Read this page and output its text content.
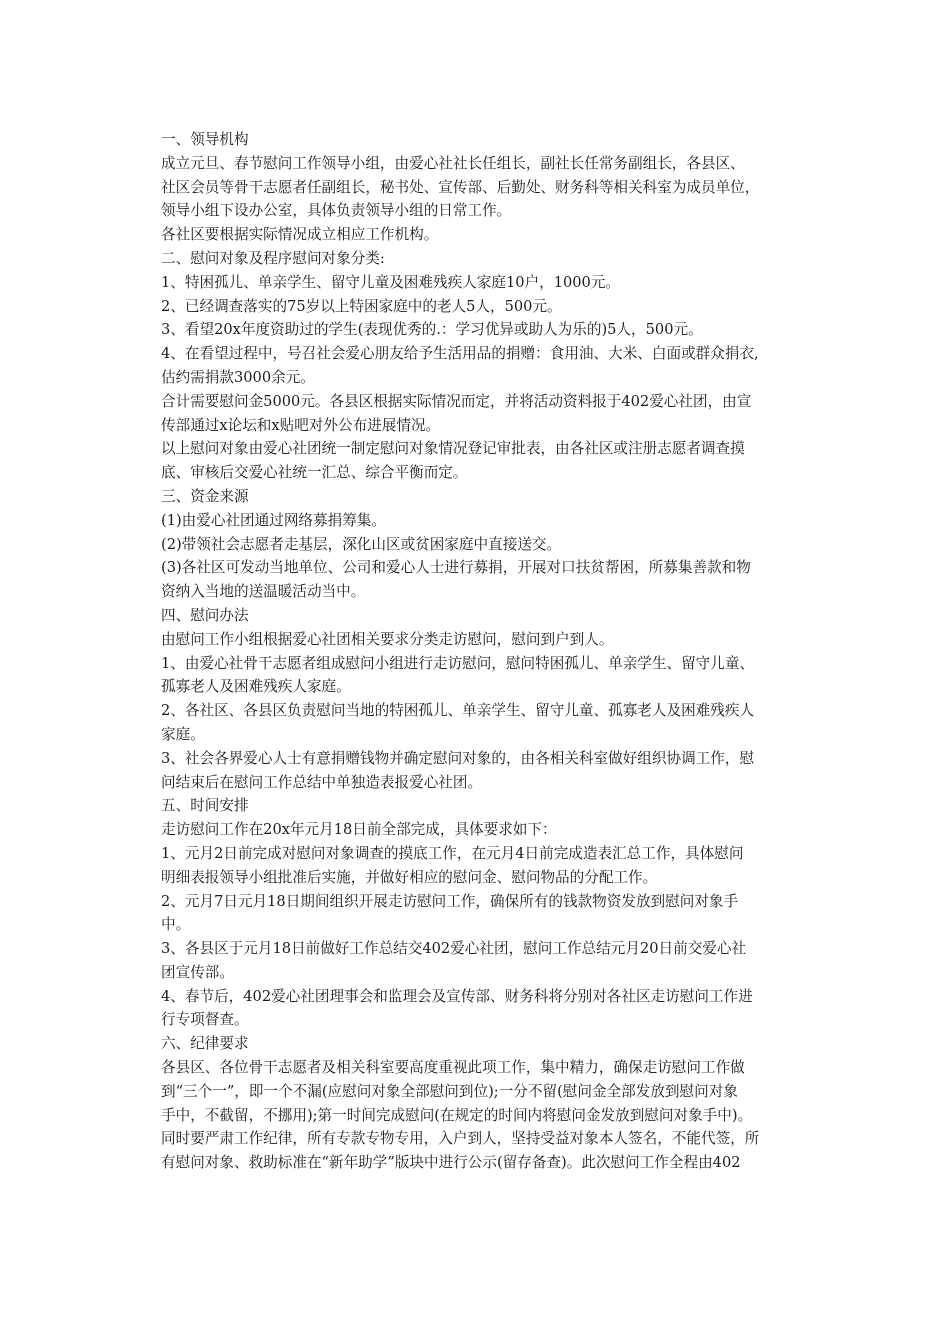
一、领导机构

成立元旦、春节慰问工作领导小组，由爱心社社长任组长，副社长任常务副组长，各县区、

社区会员等骨干志愿者任副组长，秘书处、宣传部、后勤处、财务科等相关科室为成员单位，

领导小组下设办公室，具体负责领导小组的日常工作。

各社区要根据实际情况成立相应工作机构。

二、慰问对象及程序慰问对象分类:

1、特困孤儿、单亲学生、留守儿童及困难残疾人家庭10户，1000元。

2、已经调查落实的75岁以上特困家庭中的老人5人，500元。

3、看望20x年度资助过的学生(表现优秀的.：学习优异或助人为乐的)5人，500元。

4、在看望过程中，号召社会爱心朋友给予生活用品的捐赠：食用油、大米、白面或群众捐衣,

估约需捐款3000余元。

合计需要慰问金5000元。各县区根据实际情况而定，并将活动资料报于402爱心社团，由宣

传部通过x论坛和x贴吧对外公布进展情况。

以上慰问对象由爱心社团统一制定慰问对象情况登记审批表，由各社区或注册志愿者调查摸

底、审核后交爱心社统一汇总、综合平衡而定。

三、资金来源

(1)由爱心社团通过网络募捐筹集。

(2)带领社会志愿者走基层，深化山区或贫困家庭中直接送交。

(3)各社区可发动当地单位、公司和爱心人士进行募捐，开展对口扶贫帮困，所募集善款和物

资纳入当地的送温暖活动当中。

四、慰问办法

由慰问工作小组根据爱心社团相关要求分类走访慰问，慰问到户到人。

1、由爱心社骨干志愿者组成慰问小组进行走访慰问，慰问特困孤儿、单亲学生、留守儿童、

孤寡老人及困难残疾人家庭。

2、各社区、各县区负责慰问当地的特困孤儿、单亲学生、留守儿童、孤寡老人及困难残疾人

家庭。

3、社会各界爱心人士有意捐赠钱物并确定慰问对象的，由各相关科室做好组织协调工作，慰

问结束后在慰问工作总结中单独造表报爱心社团。

五、时间安排

走访慰问工作在20x年元月18日前全部完成，具体要求如下：

1、元月2日前完成对慰问对象调查的摸底工作，在元月4日前完成造表汇总工作，具体慰问

明细表报领导小组批准后实施，并做好相应的慰问金、慰问物品的分配工作。

2、元月7日元月18日期间组织开展走访慰问工作，确保所有的钱款物资发放到慰问对象手

中。

3、各县区于元月18日前做好工作总结交402爱心社团，慰问工作总结元月20日前交爱心社

团宣传部。

4、春节后，402爱心社团理事会和监理会及宣传部、财务科将分别对各社区走访慰问工作进

行专项督查。

六、纪律要求

各县区、各位骨干志愿者及相关科室要高度重视此项工作，集中精力，确保走访慰问工作做

到“三个一”，即一个不漏(应慰问对象全部慰问到位);一分不留(慰问金全部发放到慰问对象

手中，不截留，不挪用);第一时间完成慰问(在规定的时间内将慰问金发放到慰问对象手中)。

同时要严肃工作纪律，所有专款专物专用，入户到人，坚持受益对象本人签名，不能代签，所

有慰问对象、救助标准在“新年助学”版块中进行公示(留存备查)。此次慰问工作全程由402
